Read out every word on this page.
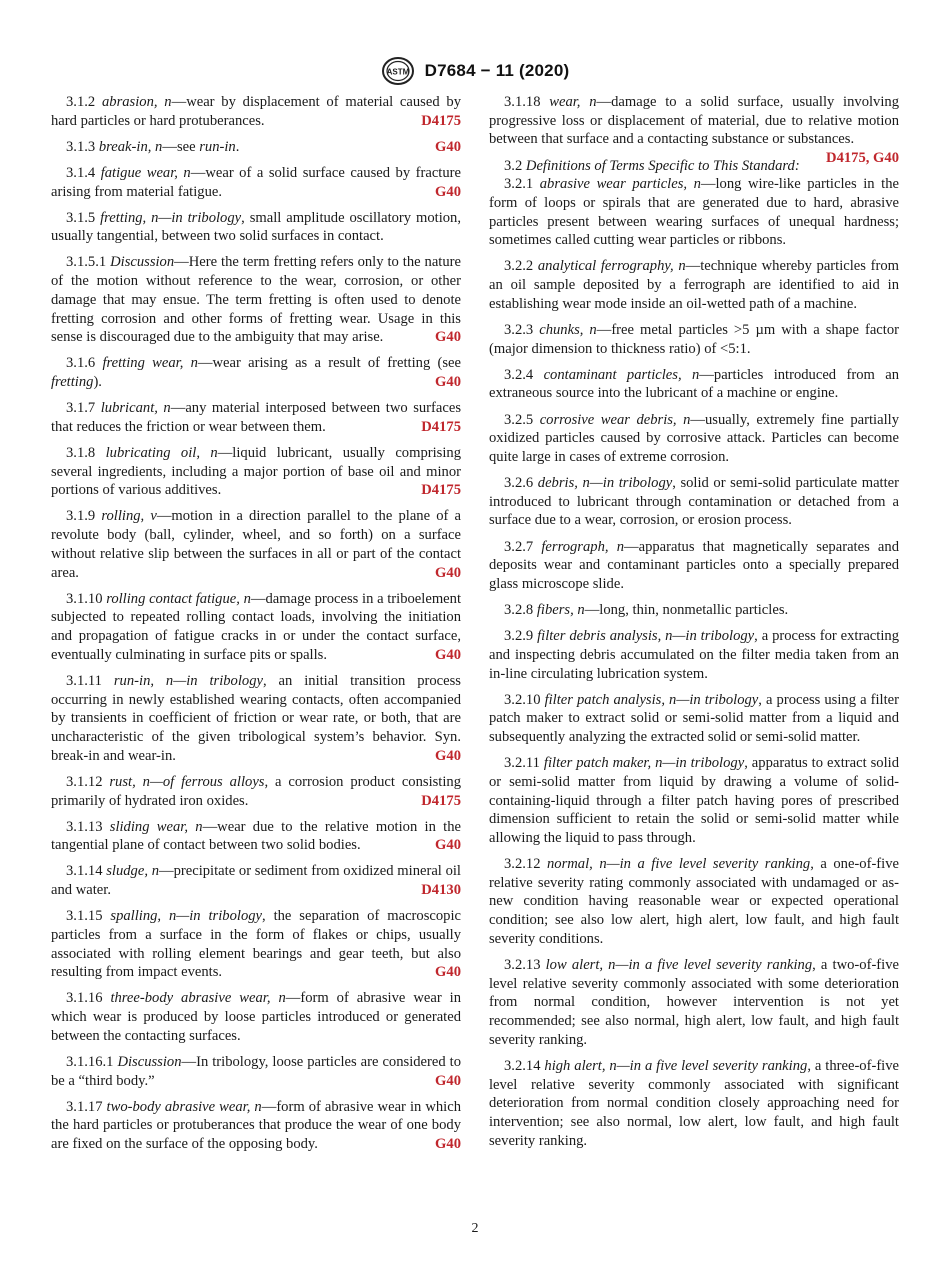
ASTM D7684 − 11 (2020)

3.1.2 abrasion, n—wear by displacement of material caused by hard particles or hard protuberances.	D4175

3.1.3 break-in, n—see run-in.	G40

3.1.4 fatigue wear, n—wear of a solid surface caused by fracture arising from material fatigue.	G40

3.1.5 fretting, n—in tribology, small amplitude oscillatory motion, usually tangential, between two solid surfaces in contact.

3.1.5.1 Discussion—Here the term fretting refers only to the nature of the motion without reference to the wear, corrosion, or other damage that may ensue. The term fretting is often used to denote fretting corrosion and other forms of fretting wear. Usage in this sense is discouraged due to the ambiguity that may arise.	G40

3.1.6 fretting wear, n—wear arising as a result of fretting (see fretting).	G40

3.1.7 lubricant, n—any material interposed between two surfaces that reduces the friction or wear between them.	D4175

3.1.8 lubricating oil, n—liquid lubricant, usually comprising several ingredients, including a major portion of base oil and minor portions of various additives.	D4175

3.1.9 rolling, v—motion in a direction parallel to the plane of a revolute body (ball, cylinder, wheel, and so forth) on a surface without relative slip between the surfaces in all or part of the contact area.	G40

3.1.10 rolling contact fatigue, n—damage process in a triboelement subjected to repeated rolling contact loads, involving the initiation and propagation of fatigue cracks in or under the contact surface, eventually culminating in surface pits or spalls.	G40

3.1.11 run-in, n—in tribology, an initial transition process occurring in newly established wearing contacts, often accompanied by transients in coefficient of friction or wear rate, or both, that are uncharacteristic of the given tribological system’s behavior. Syn. break-in and wear-in.	G40

3.1.12 rust, n—of ferrous alloys, a corrosion product consisting primarily of hydrated iron oxides.	D4175

3.1.13 sliding wear, n—wear due to the relative motion in the tangential plane of contact between two solid bodies.	G40

3.1.14 sludge, n—precipitate or sediment from oxidized mineral oil and water.	D4130

3.1.15 spalling, n—in tribology, the separation of macroscopic particles from a surface in the form of flakes or chips, usually associated with rolling element bearings and gear teeth, but also resulting from impact events.	G40

3.1.16 three-body abrasive wear, n—form of abrasive wear in which wear is produced by loose particles introduced or generated between the contacting surfaces.

3.1.16.1 Discussion—In tribology, loose particles are considered to be a “third body.”	G40

3.1.17 two-body abrasive wear, n—form of abrasive wear in which the hard particles or protuberances that produce the wear of one body are fixed on the surface of the opposing body.	G40

3.1.18 wear, n—damage to a solid surface, usually involving progressive loss or displacement of material, due to relative motion between that surface and a contacting substance or substances.
D4175, G40

3.2 Definitions of Terms Specific to This Standard:

3.2.1 abrasive wear particles, n—long wire-like particles in the form of loops or spirals that are generated due to hard, abrasive particles present between wearing surfaces of unequal hardness; sometimes called cutting wear particles or ribbons.

3.2.2 analytical ferrography, n—technique whereby particles from an oil sample deposited by a ferrograph are identified to aid in establishing wear mode inside an oil-wetted path of a machine.

3.2.3 chunks, n—free metal particles >5 µm with a shape factor (major dimension to thickness ratio) of <5:1.

3.2.4 contaminant particles, n—particles introduced from an extraneous source into the lubricant of a machine or engine.

3.2.5 corrosive wear debris, n—usually, extremely fine partially oxidized particles caused by corrosive attack. Particles can become quite large in cases of extreme corrosion.

3.2.6 debris, n—in tribology, solid or semi-solid particulate matter introduced to lubricant through contamination or detached from a surface due to a wear, corrosion, or erosion process.

3.2.7 ferrograph, n—apparatus that magnetically separates and deposits wear and contaminant particles onto a specially prepared glass microscope slide.

3.2.8 fibers, n—long, thin, nonmetallic particles.

3.2.9 filter debris analysis, n—in tribology, a process for extracting and inspecting debris accumulated on the filter media taken from an in-line circulating lubrication system.

3.2.10 filter patch analysis, n—in tribology, a process using a filter patch maker to extract solid or semi-solid matter from a liquid and subsequently analyzing the extracted solid or semi-solid matter.

3.2.11 filter patch maker, n—in tribology, apparatus to extract solid or semi-solid matter from liquid by drawing a volume of solid-containing-liquid through a filter patch having pores of prescribed dimension sufficient to retain the solid or semi-solid matter while allowing the liquid to pass through.

3.2.12 normal, n—in a five level severity ranking, a one-of-five relative severity rating commonly associated with undamaged or as-new condition having reasonable wear or expected operational condition; see also low alert, high alert, low fault, and high fault severity conditions.

3.2.13 low alert, n—in a five level severity ranking, a two-of-five level relative severity commonly associated with some deterioration from normal condition, however intervention is not yet recommended; see also normal, high alert, low fault, and high fault severity ranking.

3.2.14 high alert, n—in a five level severity ranking, a three-of-five level relative severity commonly associated with significant deterioration from normal condition closely approaching need for intervention; see also normal, low alert, low fault, and high fault severity ranking.

2
